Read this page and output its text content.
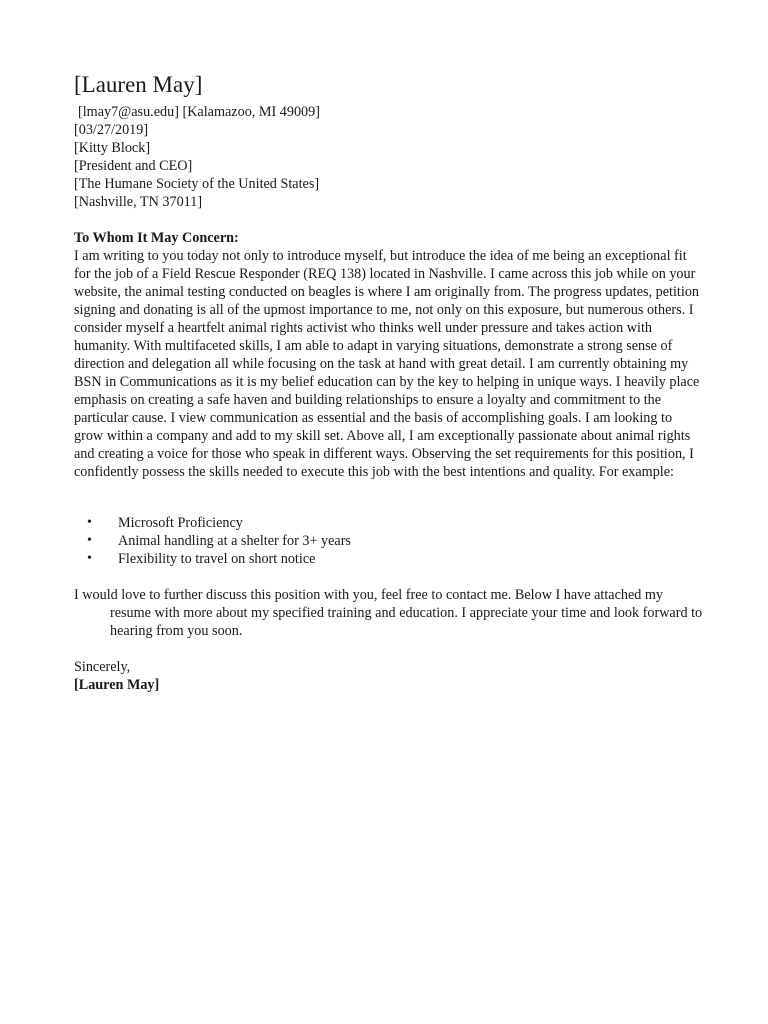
[Lauren May]
[lmay7@asu.edu] [Kalamazoo, MI 49009]
[03/27/2019]
[Kitty Block]
[President and CEO]
[The Humane Society of the United States]
[Nashville, TN 37011]
To Whom It May Concern:

I am writing to you today not only to introduce myself, but introduce the idea of me being an exceptional fit for the job of a Field Rescue Responder (REQ 138) located in Nashville. I came across this job while on your website, the animal testing conducted on beagles is where I am originally from. The progress updates, petition signing and donating is all of the upmost importance to me, not only on this exposure, but numerous others. I consider myself a heartfelt animal rights activist who thinks well under pressure and takes action with humanity. With multifaceted skills, I am able to adapt in varying situations, demonstrate a strong sense of direction and delegation all while focusing on the task at hand with great detail. I am currently obtaining my BSN in Communications as it is my belief education can by the key to helping in unique ways. I heavily place emphasis on creating a safe haven and building relationships to ensure a loyalty and commitment to the particular cause. I view communication as essential and the basis of accomplishing goals. I am looking to grow within a company and add to my skill set. Above all, I am exceptionally passionate about animal rights and creating a voice for those who speak in different ways. Observing the set requirements for this position, I confidently possess the skills needed to execute this job with the best intentions and quality. For example:

• Microsoft Proficiency
• Animal handling at a shelter for 3+ years
• Flexibility to travel on short notice

I would love to further discuss this position with you, feel free to contact me. Below I have attached my resume with more about my specified training and education. I appreciate your time and look forward to hearing from you soon.

Sincerely,
[Lauren May]
